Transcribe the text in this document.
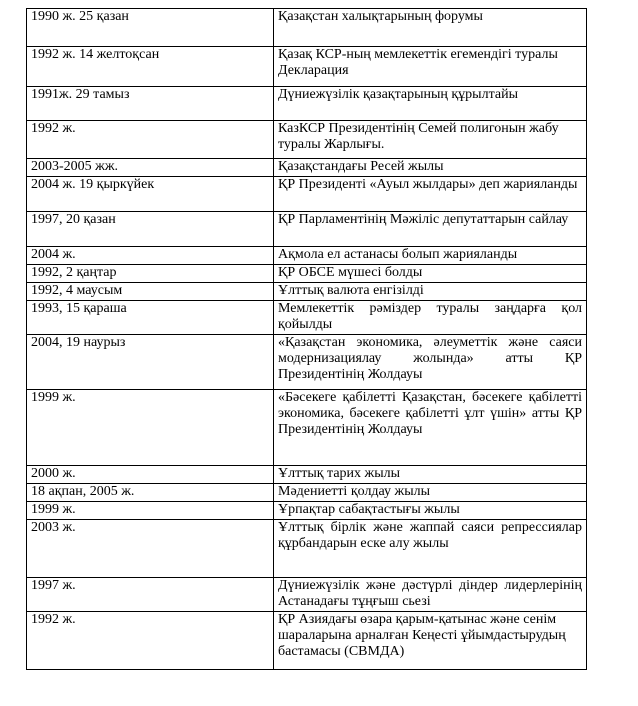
1990 ж. 25 қазан	Қазақстан халықтарының форумы
1992 ж. 14 желтоқсан	Қазақ КСР-ның мемлекеттік егемендігі туралы Декларация
1991ж. 29 тамыз	Дүниежүзілік қазақтарының құрылтайы
1992 ж.	КазКСР Президентінің Семей полигонын жабу туралы Жарлығы.
2003-2005 жж.	Қазақстандағы Ресей жылы
2004 ж. 19 қыркүйек	ҚР Президенті «Ауыл жылдары» деп жарияланды
1997, 20 қазан	ҚР Парламентінің Мәжіліс депутаттарын сайлау
2004 ж.	Ақмола ел астанасы болып жарияланды
1992, 2 қаңтар	ҚР ОБСЕ мүшесі болды
1992, 4 маусым	Ұлттық валюта енгізілді
1993, 15 қараша	Мемлекеттік рәміздер туралы заңдарға қол қойылды
2004, 19 наурыз	«Қазақстан экономика, әлеуметтік және саяси модернизациялау жолында» атты ҚР Президентінің Жолдауы
1999 ж.	«Бәсекеге қабілетті Қазақстан, бәсекеге қабілетті экономика, бәсекеге қабілетті ұлт үшін» атты ҚР Президентінің Жолдауы
2000 ж.	Ұлттық тарих жылы
18 ақпан, 2005 ж.	Мәдениетті қолдау жылы
1999 ж.	Ұрпақтар сабақтастығы жылы
2003 ж.	Ұлттық бірлік және жаппай саяси репрессиялар құрбандарын еске алу жылы
1997 ж.	Дүниежүзілік және дәстүрлі діндер лидерлерінің Астанадағы тұңғыш сьезі
1992 ж.	ҚР Азиядағы өзара қарым-қатынас және сенім шараларына арналған Кеңесті ұйымдастырудың бастамасы (СВМДА)
